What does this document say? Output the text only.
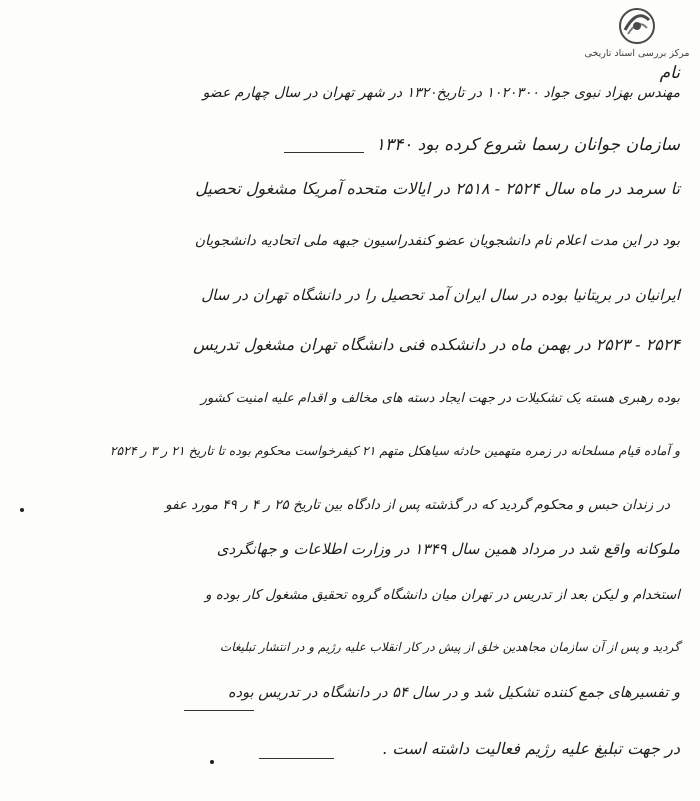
مرکز بررسی اسناد تاریخی
نام
مهندس بهزاد نبوی جواد ۱۰۲۰۳۰۰ در تاریخ۱۳۲۰ در شهر تهران در سال چهارم عضو
سازمان جوانان رسما شروع کرده بود ۱۳۴۰
تا سرمد در ماه سال ۲۵۲۴ - ۲۵۱۸ در ایالات متحده آمریکا مشغول تحصیل
بود در این مدت اعلام نام دانشجویان عضو کنفدراسیون جبهه ملی اتحادیه دانشجویان
ایرانیان در بریتانیا بوده در سال ایران آمد تحصیل را در دانشگاه تهران در سال
۲۵۲۴ - ۲۵۲۳ در بهمن ماه در دانشکده فنی دانشگاه تهران مشغول تدریس
بوده رهبری هسته یک تشکیلات در جهت ایجاد دسته های مخالف و اقدام علیه امنیت کشور
و آماده قیام مسلحانه در زمره متهمین حادثه سیاهکل متهم ۲۱ کیفرخواست محکوم بوده تا تاریخ ۲۱ ر ۳ ر ۲۵۲۴
در زندان حبس و محکوم گردید که در گذشته پس از دادگاه بین تاریخ ۲۵ ر ۴ ر ۴۹ مورد عفو
ملوکانه واقع شد در مرداد همین سال ۱۳۴۹ در وزارت اطلاعات و جهانگردی
استخدام و لیکن بعد از تدریس در تهران میان دانشگاه گروه تحقیق مشغول کار بوده و
گردید و پس از آن سازمان مجاهدین خلق از پیش در کار انقلاب علیه رژیم و در انتشار تبلیغات
و تفسیرهای جمع کننده تشکیل شد و در سال ۵۴ در دانشگاه در تدریس بوده
در جهت تبلیغ علیه رژیم فعالیت داشته است .
